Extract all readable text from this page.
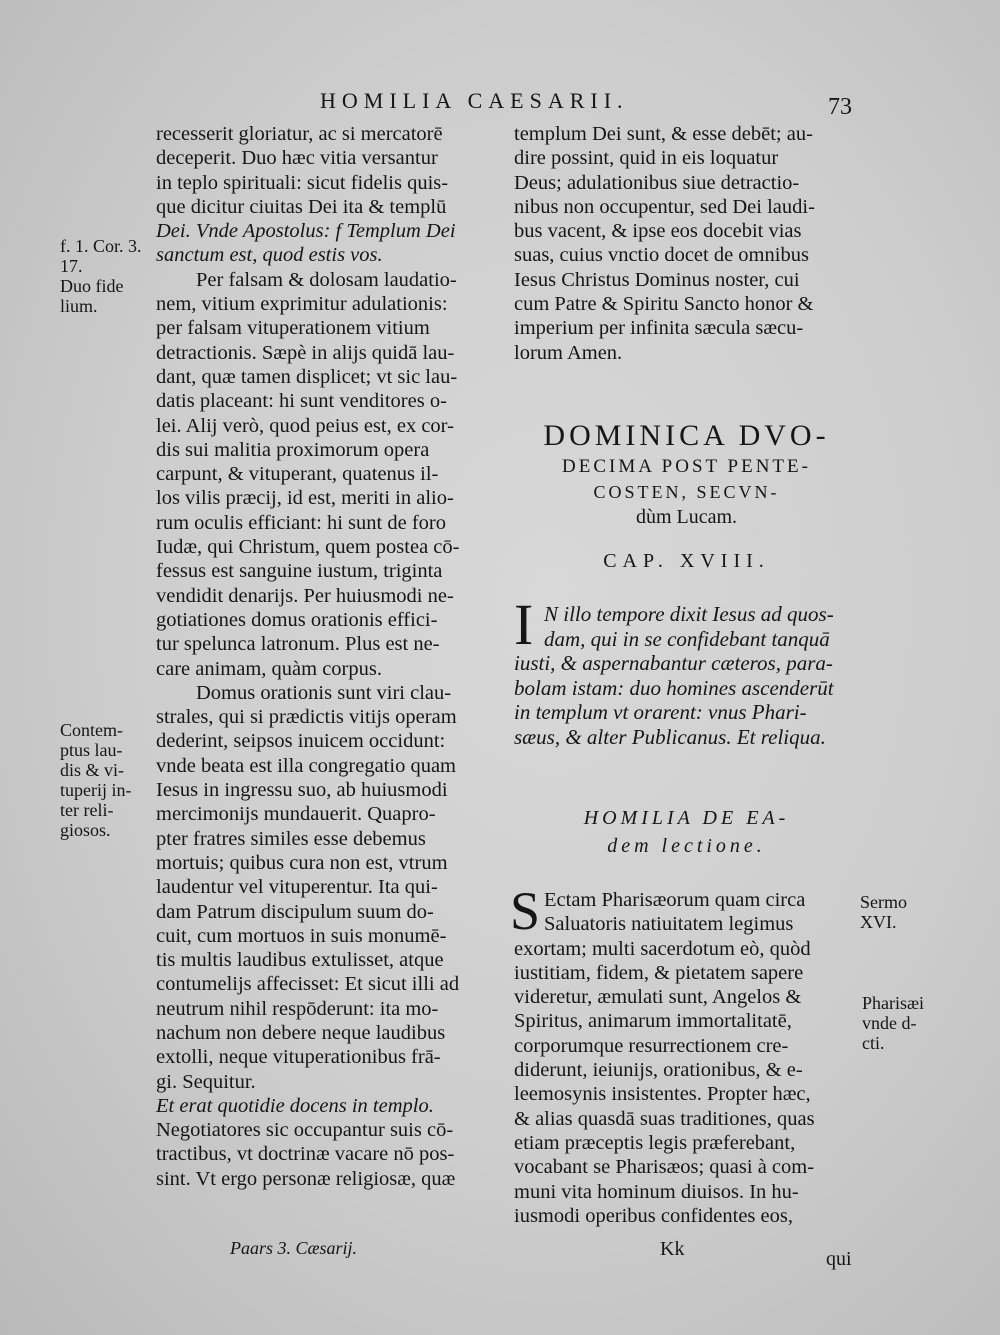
HOMILIA CAESARII.	73
recesserit gloriatur, ac si mercatorē
deceperit. Duo hæc vitia versantur
in teplo spirituali: sicut fidelis quis-
que dicitur ciuitas Dei ita & templū
Dei. Vnde Apostolus: f Templum Dei
sanctum est, quod estis vos.
Per falsam & dolosam laudatio-
nem, vitium exprimitur adulationis:
per falsam vituperationem vitium
detractionis. Sæpè in alijs quidā lau-
dant, quæ tamen displicet; vt sic lau-
datis placeant: hi sunt venditores o-
lei. Alij verò, quod peius est, ex cor-
dis sui malitia proximorum opera
carpunt, & vituperant, quatenus il-
los vilis præcij, id est, meriti in alio-
rum oculis efficiant: hi sunt de foro
Iudæ, qui Christum, quem postea cō-
fessus est sanguine iustum, triginta
vendidit denarijs. Per huiusmodi ne-
gotiationes domus orationis effici-
tur spelunca latronum. Plus est ne-
care animam, quàm corpus.
Domus orationis sunt viri clau-
strales, qui si prædictis vitijs operam
dederint, seipsos inuicem occidunt:
vnde beata est illa congregatio quam
Iesus in ingressu suo, ab huiusmodi
mercimonijs mundauerit. Quapro-
pter fratres similes esse debemus
mortuis; quibus cura non est, vtrum
laudentur vel vituperentur. Ita qui-
dam Patrum discipulum suum do-
cuit, cum mortuos in suis monumē-
tis multis laudibus extulisset, atque
contumelijs affecisset: Et sicut illi ad
neutrum nihil respōderunt: ita mo-
nachum non debere neque laudibus
extolli, neque vituperationibus frā-
gi. Sequitur.
Et erat quotidie docens in templo.
Negotiatores sic occupantur suis cō-
tractibus, vt doctrinæ vacare nō pos-
sint. Vt ergo personæ religiosæ, quæ
f. 1. Cor. 3.
17.
Duo fide
lium.
Contem-
ptus lau-
dis & vi-
tuperij in-
ter reli-
giosos.
templum Dei sunt, & esse debēt; au-
dire possint, quid in eis loquatur
Deus; adulationibus siue detractio-
nibus non occupentur, sed Dei laudi-
bus vacent, & ipse eos docebit vias
suas, cuius vnctio docet de omnibus
Iesus Christus Dominus noster, cui
cum Patre & Spiritu Sancto honor &
imperium per infinita sæcula sæcu-
lorum Amen.
DOMINICA DVO-
DECIMA POST PENTE-
COSTEN, SECVN-
dùm Lucam.
CAP. XVIII.
I N illo tempore dixit Iesus ad quos-
dam, qui in se confidebant tanquā
iusti, & aspernabantur cæteros, para-
bolam istam: duo homines ascenderūt
in templum vt orarent: vnus Phari-
sæus, & alter Publicanus. Et reliqua.
HOMILIA DE EA-
dem lectione.
S Ectam Pharisæorum quam circa
Saluatoris natiuitatem legimus
exortam; multi sacerdotum eò, quòd
iustitiam, fidem, & pietatem sapere
videretur, æmulati sunt, Angelos &
Spiritus, animarum immortalitatē,
corporumque resurrectionem cre-
diderunt, ieiunijs, orationibus, & e-
leemosynis insistentes. Propter hæc,
& alias quasdā suas traditiones, quas
etiam præceptis legis præferebant,
vocabant se Pharisæos; quasi à com-
muni vita hominum diuisos. In hu-
iusmodi operibus confidentes eos,
Sermo
XVI.
Pharisæi
vnde d-
cti.
Paars 3. Cæsarij.	Kk	qui
